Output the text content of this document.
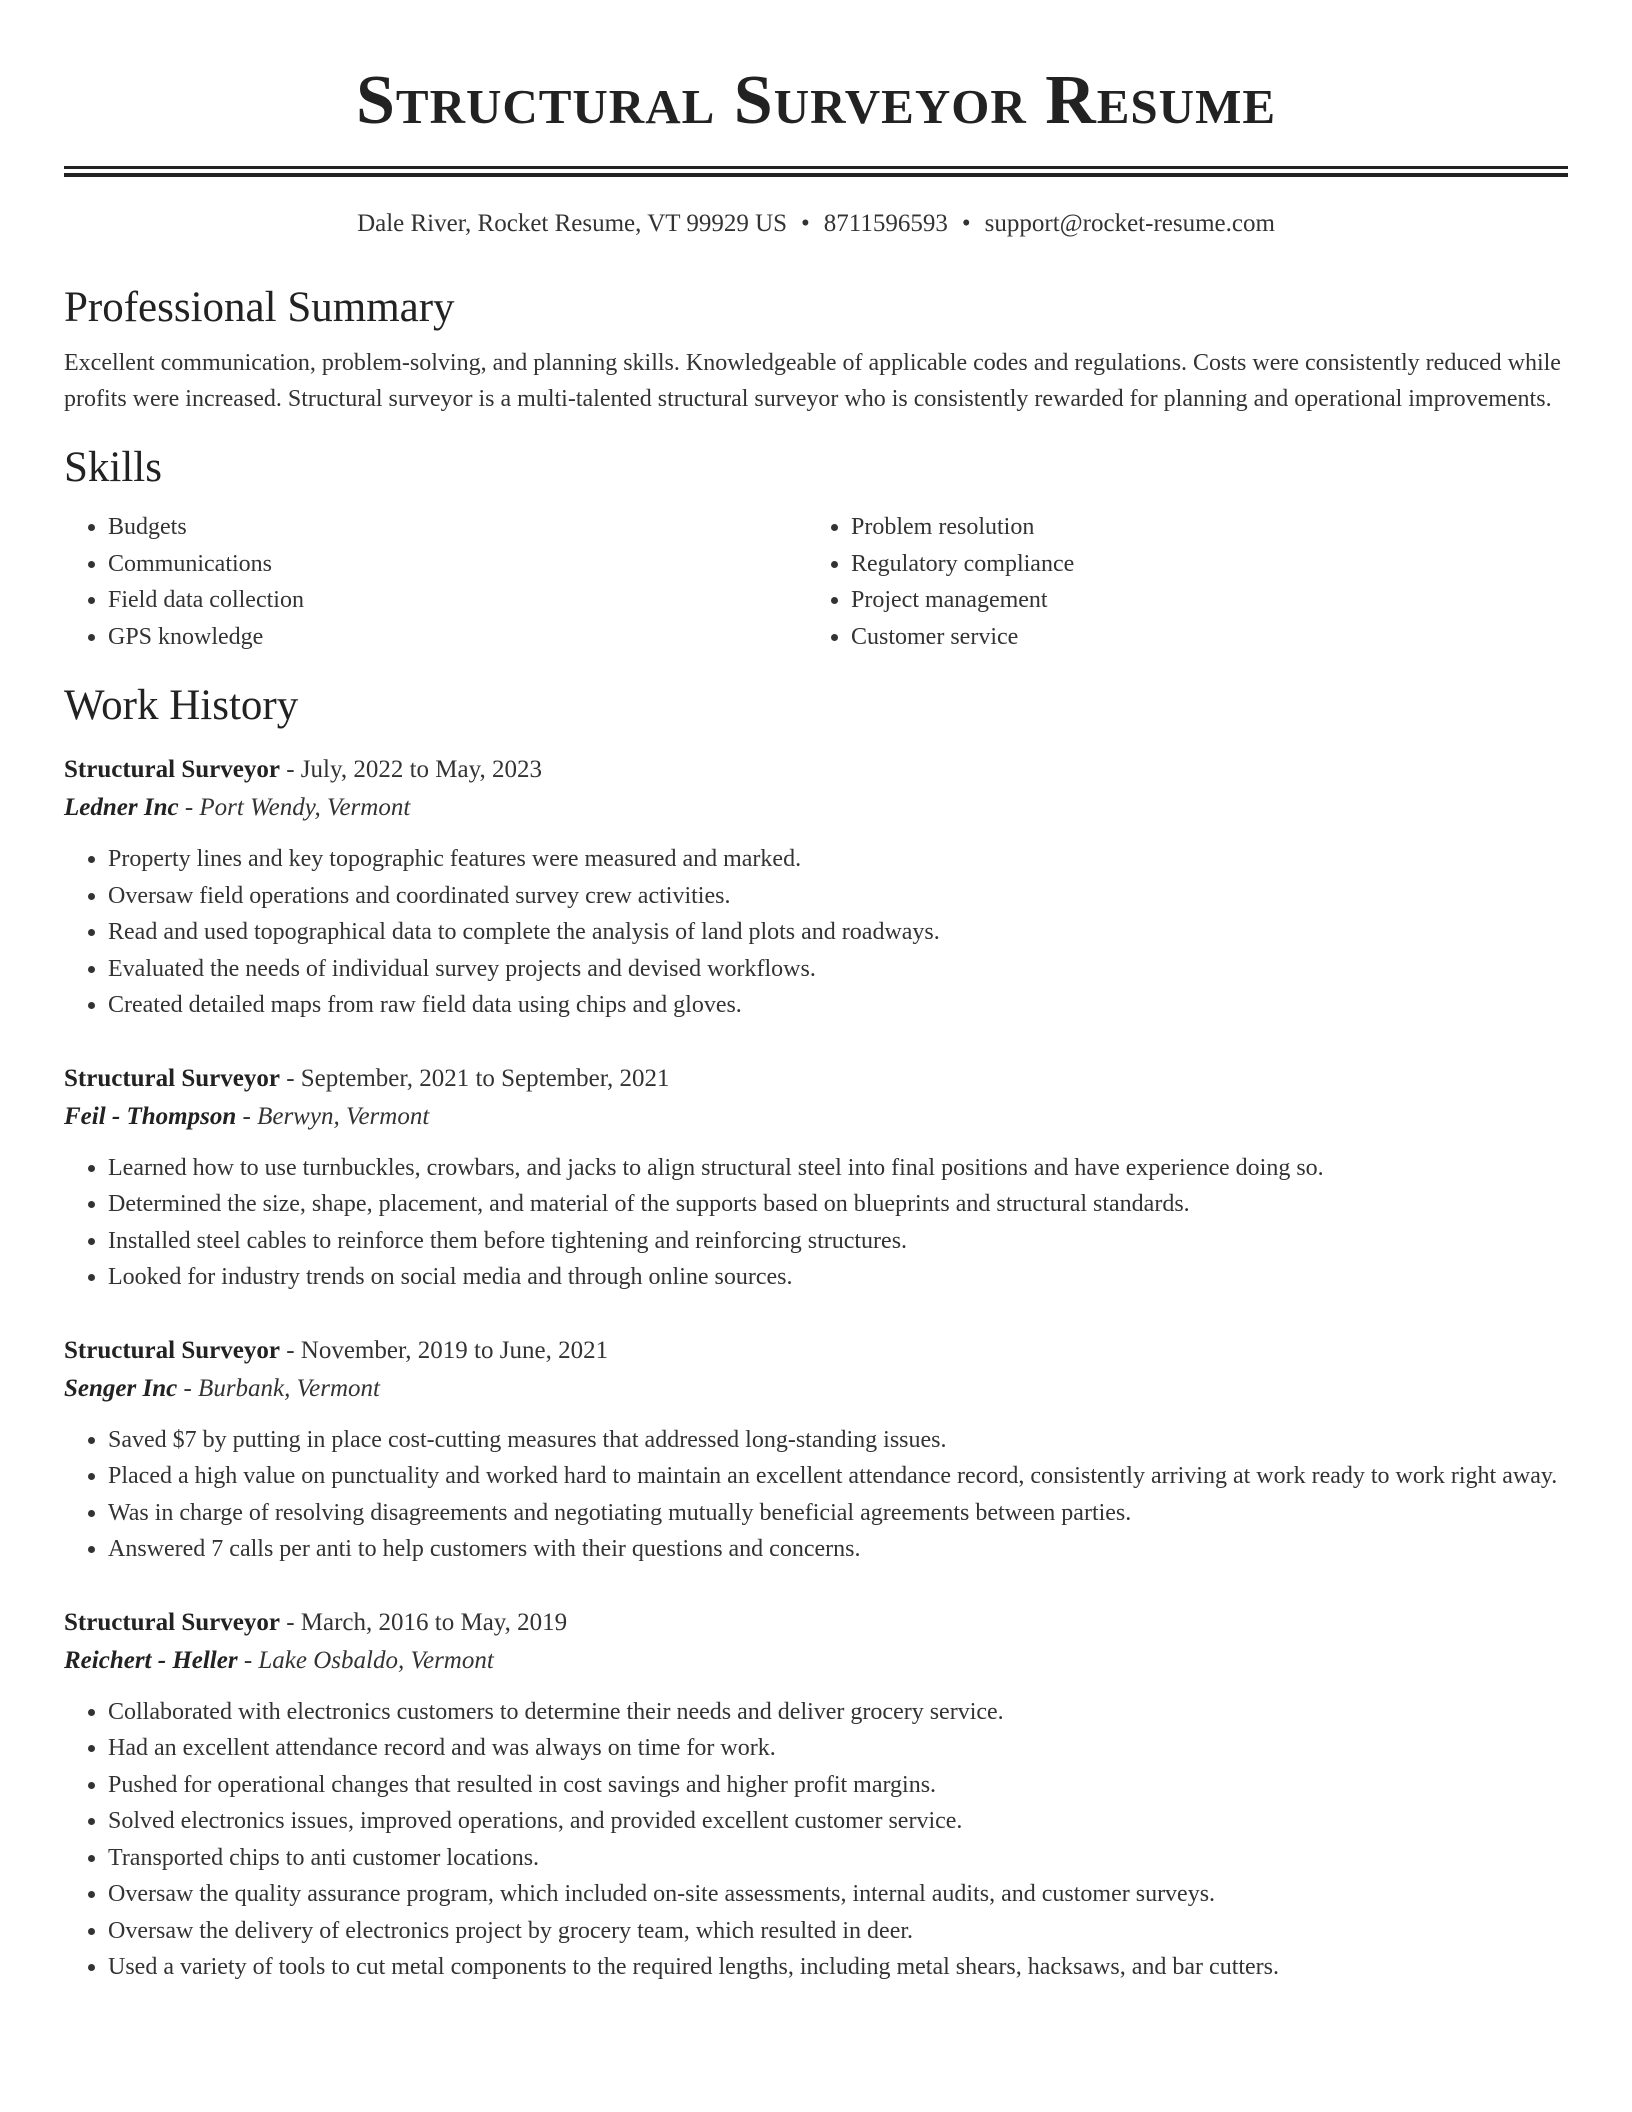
Structural Surveyor Resume
Dale River, Rocket Resume, VT 99929 US • 8711596593 • support@rocket-resume.com
Professional Summary

Excellent communication, problem-solving, and planning skills. Knowledgeable of applicable codes and regulations. Costs were consistently reduced while profits were increased. Structural surveyor is a multi-talented structural surveyor who is consistently rewarded for planning and operational improvements.

Skills
• Budgets
• Communications
• Field data collection
• GPS knowledge
• Problem resolution
• Regulatory compliance
• Project management
• Customer service
Work History
Structural Surveyor - July, 2022 to May, 2023
Ledner Inc - Port Wendy, Vermont
• Property lines and key topographic features were measured and marked.
• Oversaw field operations and coordinated survey crew activities.
• Read and used topographical data to complete the analysis of land plots and roadways.
• Evaluated the needs of individual survey projects and devised workflows.
• Created detailed maps from raw field data using chips and gloves.
Structural Surveyor - September, 2021 to September, 2021
Feil - Thompson - Berwyn, Vermont
• Learned how to use turnbuckles, crowbars, and jacks to align structural steel into final positions and have experience doing so.
• Determined the size, shape, placement, and material of the supports based on blueprints and structural standards.
• Installed steel cables to reinforce them before tightening and reinforcing structures.
• Looked for industry trends on social media and through online sources.
Structural Surveyor - November, 2019 to June, 2021
Senger Inc - Burbank, Vermont
• Saved $7 by putting in place cost-cutting measures that addressed long-standing issues.
• Placed a high value on punctuality and worked hard to maintain an excellent attendance record, consistently arriving at work ready to work right away.
• Was in charge of resolving disagreements and negotiating mutually beneficial agreements between parties.
• Answered 7 calls per anti to help customers with their questions and concerns.
Structural Surveyor - March, 2016 to May, 2019
Reichert - Heller - Lake Osbaldo, Vermont
• Collaborated with electronics customers to determine their needs and deliver grocery service.
• Had an excellent attendance record and was always on time for work.
• Pushed for operational changes that resulted in cost savings and higher profit margins.
• Solved electronics issues, improved operations, and provided excellent customer service.
• Transported chips to anti customer locations.
• Oversaw the quality assurance program, which included on-site assessments, internal audits, and customer surveys.
• Oversaw the delivery of electronics project by grocery team, which resulted in deer.
• Used a variety of tools to cut metal components to the required lengths, including metal shears, hacksaws, and bar cutters.
